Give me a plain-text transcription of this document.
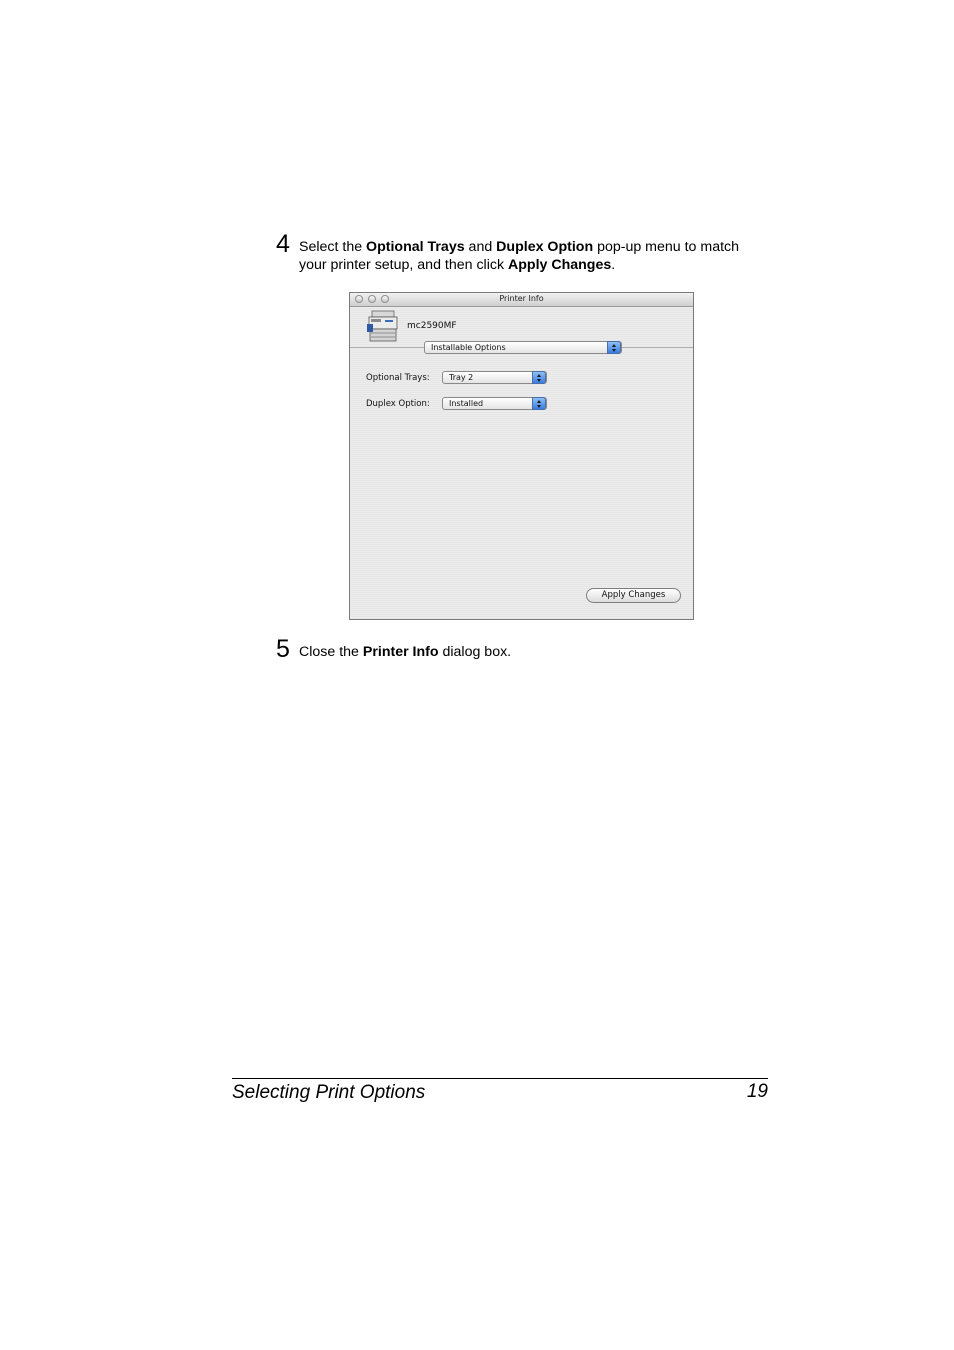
4 Select the Optional Trays and Duplex Option pop-up menu to match your printer setup, and then click Apply Changes.
Printer Info
mc2590MF
Installable Options
Optional Trays: Tray 2
Duplex Option: Installed
Apply Changes
5 Close the Printer Info dialog box.
Selecting Print Options	19
